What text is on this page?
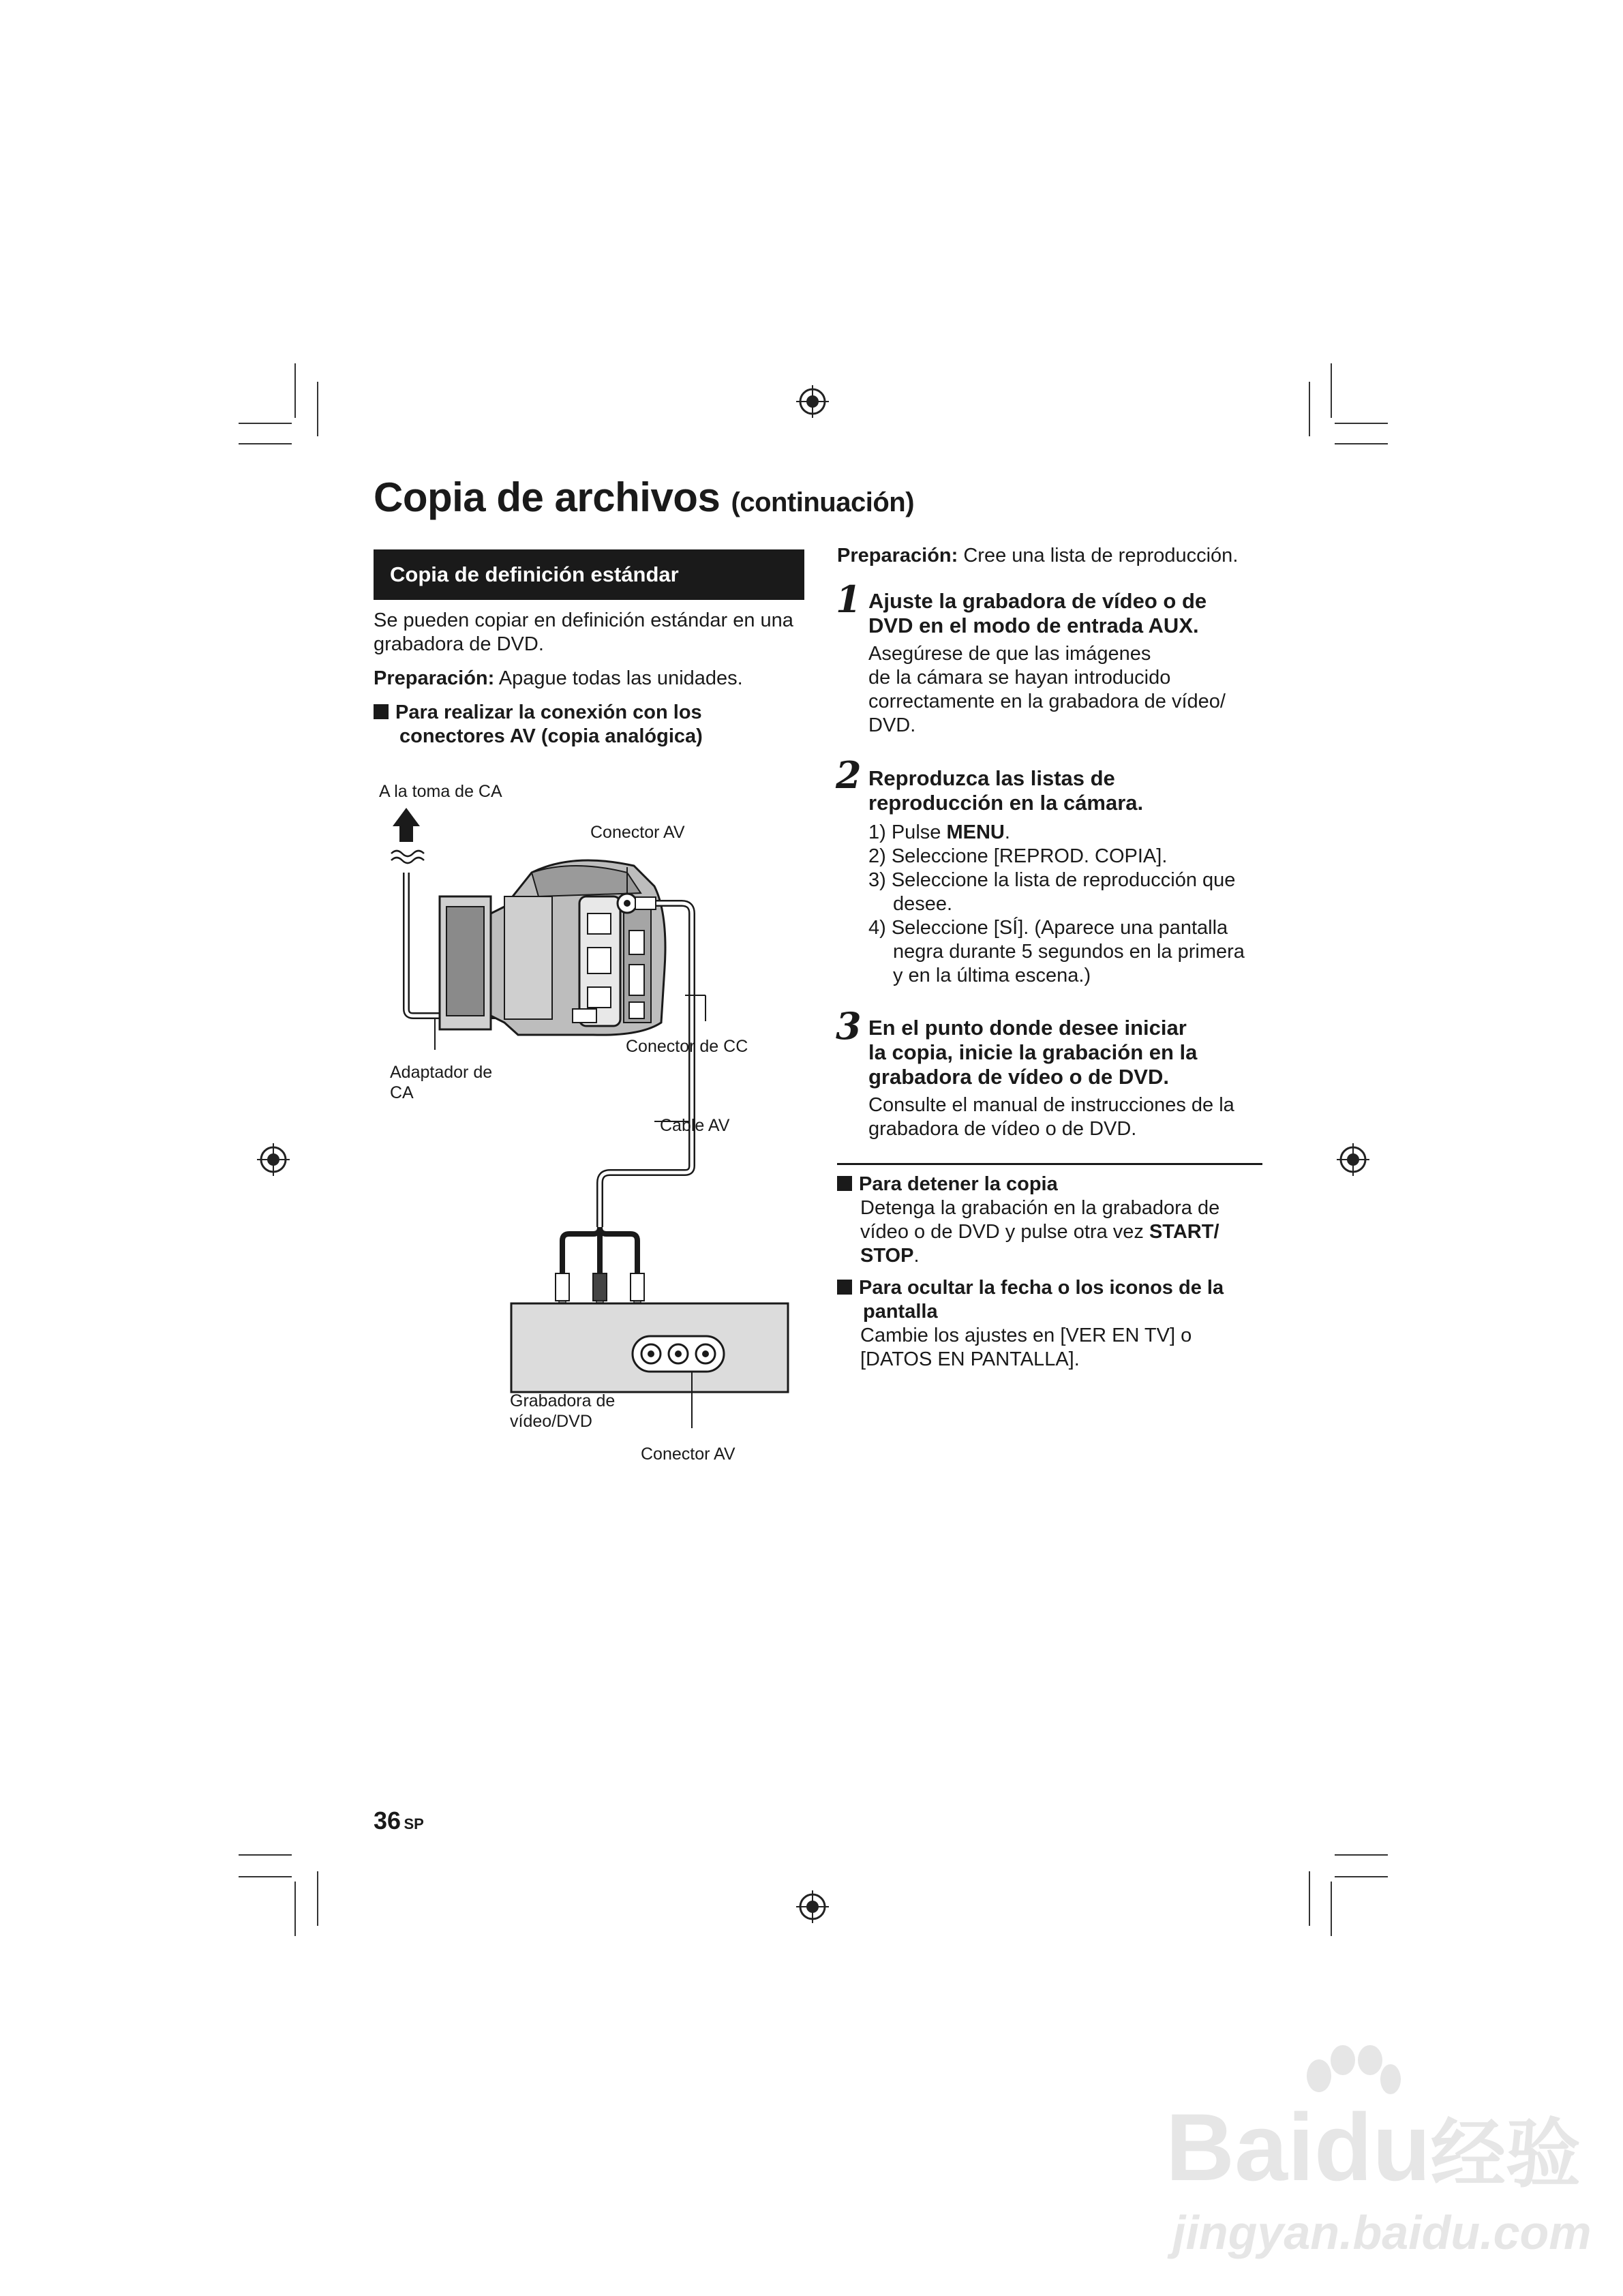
Copia de archivos (continuación)
Copia de definición estándar
Se pueden copiar en definición estándar en una grabadora de DVD.
Preparación: Apague todas las unidades.
Para realizar la conexión con los
conectores AV (copia analógica)
A la toma de CA
Conector AV
Conector de CC
Adaptador de
CA
Cable AV
Grabadora de
vídeo/DVD
Conector AV
Preparación: Cree una lista de reproducción.
1 Ajuste la grabadora de vídeo o de
DVD en el modo de entrada AUX.
Asegúrese de que las imágenes
de la cámara se hayan introducido
correctamente en la grabadora de vídeo/
DVD.
2 Reproduzca las listas de
reproducción en la cámara.
1) Pulse MENU.
2) Seleccione [REPROD. COPIA].
3) Seleccione la lista de reproducción que
desee.
4) Seleccione [SÍ]. (Aparece una pantalla
negra durante 5 segundos en la primera
y en la última escena.)
3 En el punto donde desee iniciar
la copia, inicie la grabación en la
grabadora de vídeo o de DVD.
Consulte el manual de instrucciones de la
grabadora de vídeo o de DVD.
Para detener la copia
Detenga la grabación en la grabadora de
vídeo o de DVD y pulse otra vez START/
STOP.
Para ocultar la fecha o los iconos de la
pantalla
Cambie los ajustes en [VER EN TV] o
[DATOS EN PANTALLA].
36 SP
Baidu经验
jingyan.baidu.com
